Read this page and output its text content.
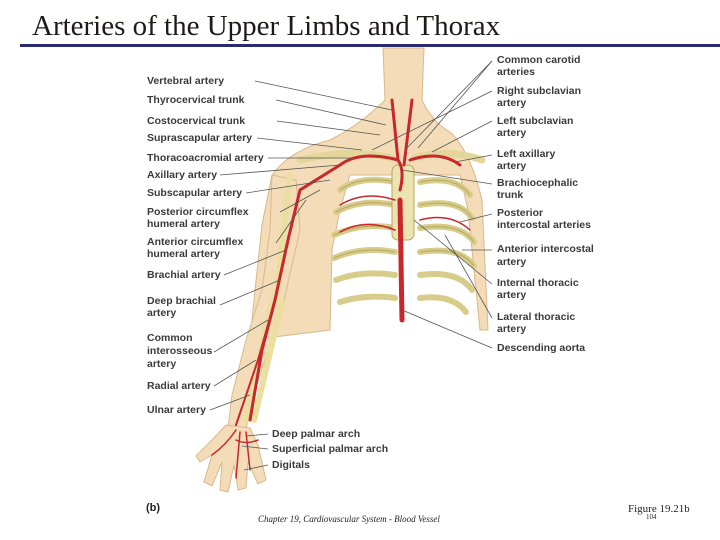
Arteries of the Upper Limbs and Thorax
Vertebral artery
Thyrocervical trunk
Costocervical trunk
Suprascapular artery
Thoracoacromial artery
Axillary artery
Subscapular artery
Posterior circumflex
humeral artery
Anterior circumflex
humeral artery
Brachial artery
Deep brachial
artery
Common
interosseous
artery
Radial artery
Ulnar artery
Deep palmar arch
Superficial palmar arch
Digitals
Common carotid
arteries
Right subclavian
artery
Left subclavian
artery
Left axillary
artery
Brachiocephalic
trunk
Posterior
intercostal arteries
Anterior intercostal
artery
Internal thoracic
artery
Lateral thoracic
artery
Descending aorta
(b)
Chapter 19, Cardiovascular System - Blood Vessel
Figure 19.21b
104
